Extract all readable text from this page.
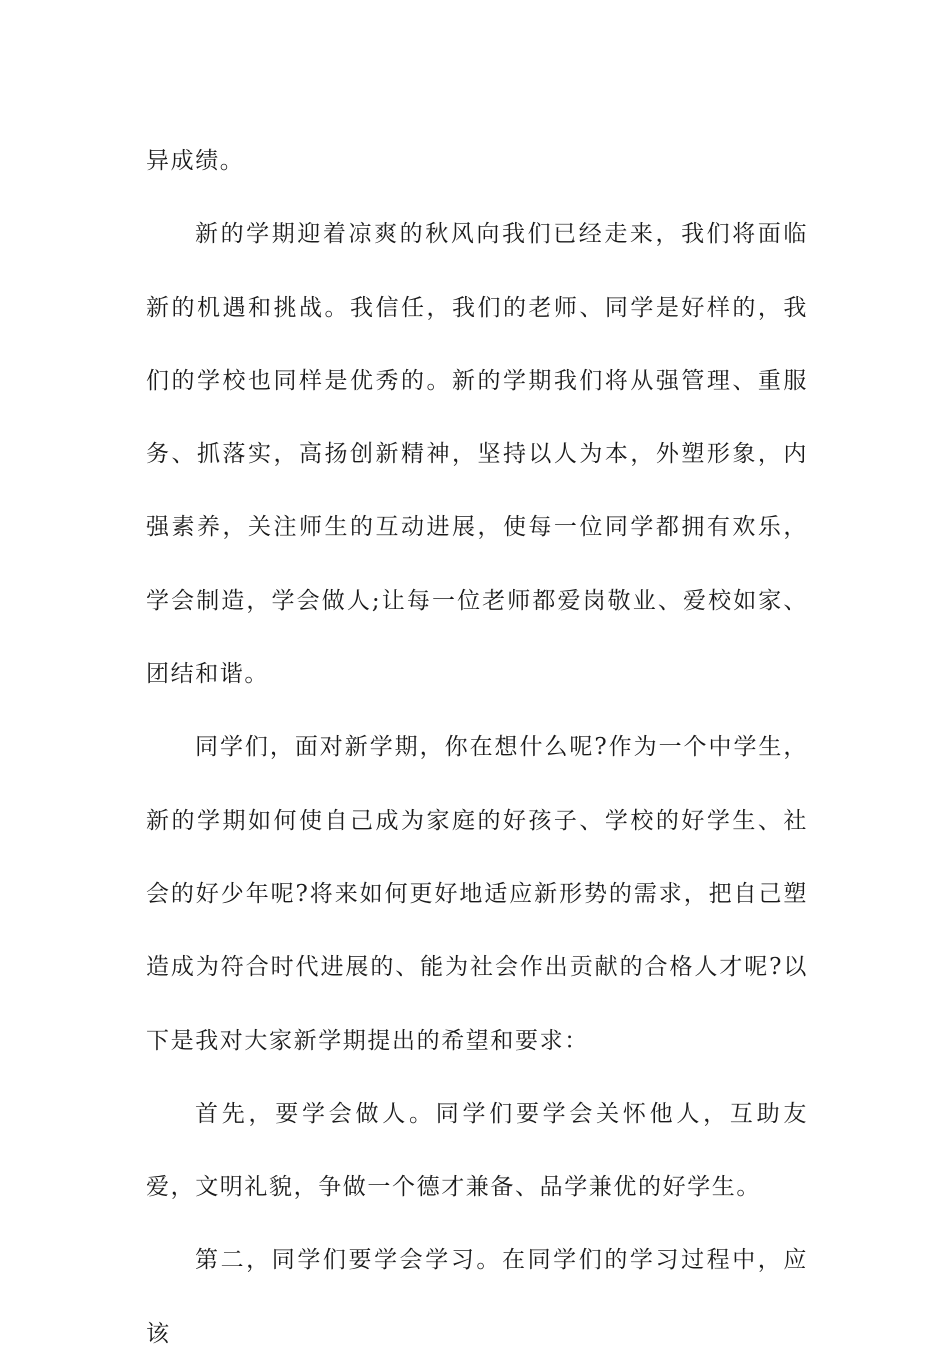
异成绩。

新的学期迎着凉爽的秋风向我们已经走来，我们将面临新的机遇和挑战。我信任，我们的老师、同学是好样的，我们的学校也同样是优秀的。新的学期我们将从强管理、重服务、抓落实，高扬创新精神，坚持以人为本，外塑形象，内强素养，关注师生的互动进展，使每一位同学都拥有欢乐，学会制造，学会做人;让每一位老师都爱岗敬业、爱校如家、团结和谐。

同学们，面对新学期，你在想什么呢?作为一个中学生，新的学期如何使自己成为家庭的好孩子、学校的好学生、社会的好少年呢?将来如何更好地适应新形势的需求，把自己塑造成为符合时代进展的、能为社会作出贡献的合格人才呢?以下是我对大家新学期提出的希望和要求：

首先，要学会做人。同学们要学会关怀他人，互助友爱，文明礼貌，争做一个德才兼备、品学兼优的好学生。

第二，同学们要学会学习。在同学们的学习过程中，应该
